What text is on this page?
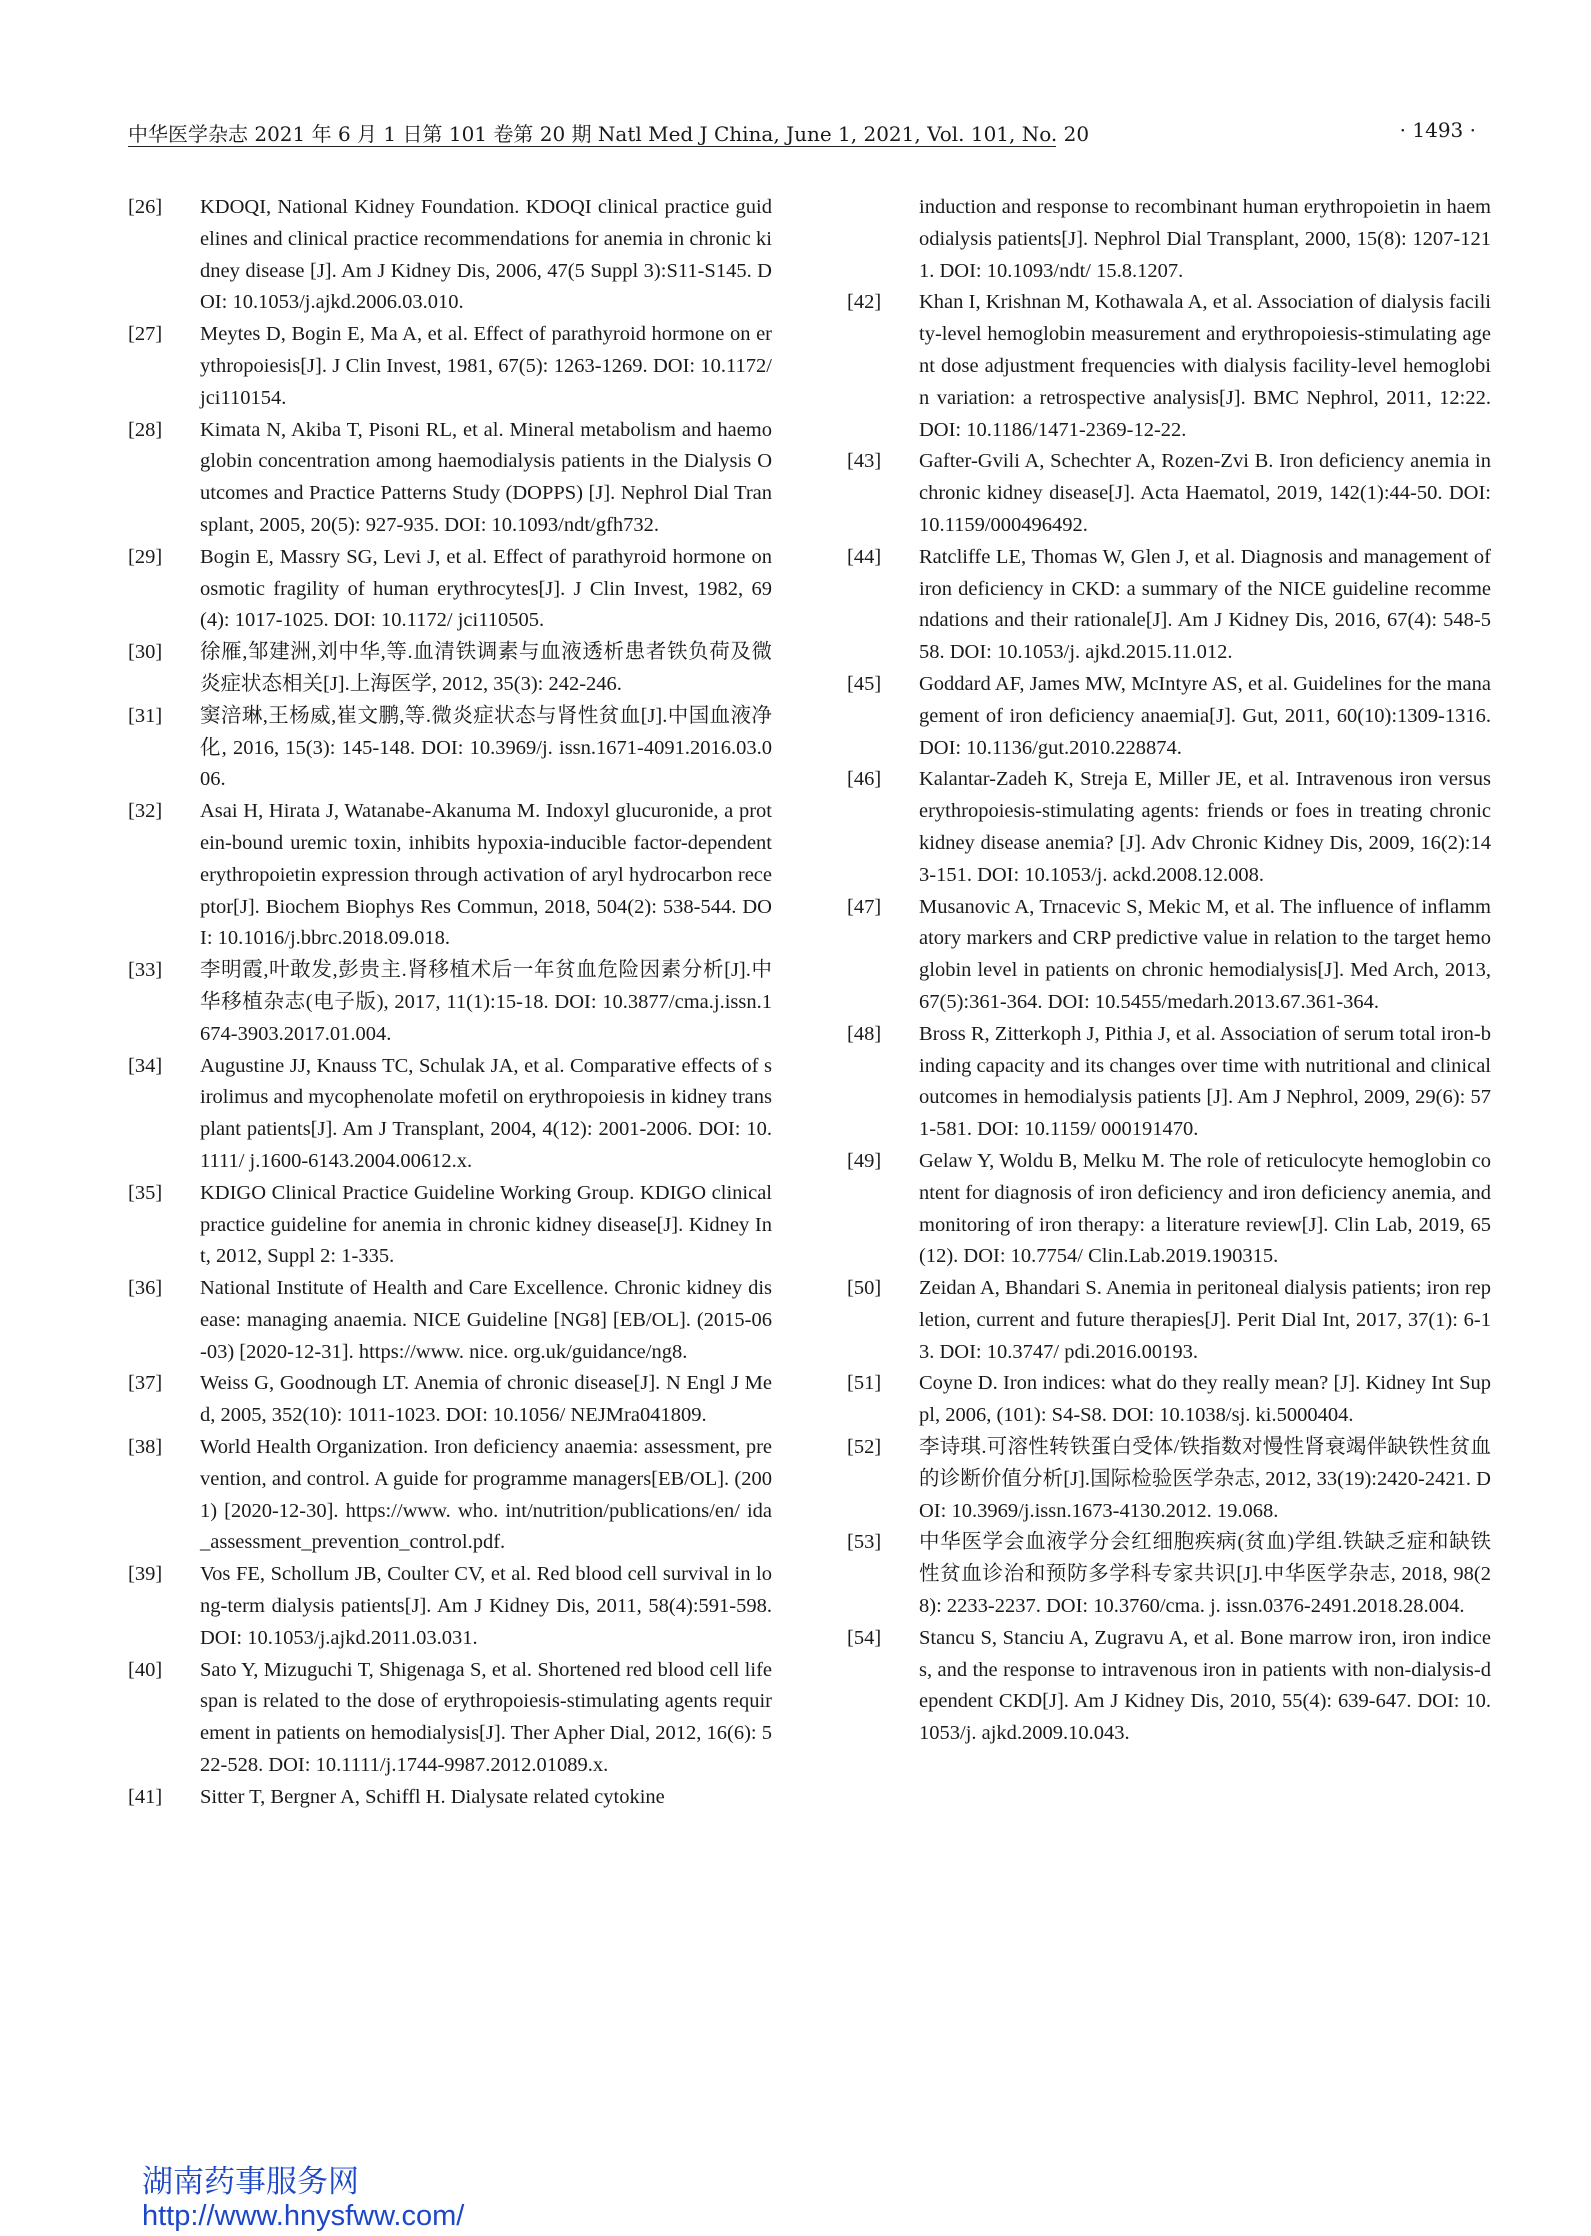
中华医学杂志 2021 年 6 月 1 日第 101 卷第 20 期 Natl Med J China, June 1, 2021, Vol. 101, No. 20	· 1493 ·
[26]	KDOQI, National Kidney Foundation. KDOQI clinical practice guidelines and clinical practice recommendations for anemia in chronic kidney disease [J]. Am J Kidney Dis, 2006, 47(5 Suppl 3):S11-S145. DOI: 10.1053/j.ajkd.2006.03.010.
[27]	Meytes D, Bogin E, Ma A, et al. Effect of parathyroid hormone on erythropoiesis[J]. J Clin Invest, 1981, 67(5): 1263-1269. DOI: 10.1172/jci110154.
[28]	Kimata N, Akiba T, Pisoni RL, et al. Mineral metabolism and haemoglobin concentration among haemodialysis patients in the Dialysis Outcomes and Practice Patterns Study (DOPPS) [J]. Nephrol Dial Transplant, 2005, 20(5): 927-935. DOI: 10.1093/ndt/gfh732.
[29]	Bogin E, Massry SG, Levi J, et al. Effect of parathyroid hormone on osmotic fragility of human erythrocytes[J]. J Clin Invest, 1982, 69(4): 1017-1025. DOI: 10.1172/ jci110505.
[30]	徐雁,邹建洲,刘中华,等.血清铁调素与血液透析患者铁负荷及微炎症状态相关[J].上海医学, 2012, 35(3): 242-246.
[31]	窦涪琳,王杨威,崔文鹏,等.微炎症状态与肾性贫血[J].中国血液净化, 2016, 15(3): 145-148. DOI: 10.3969/j. issn.1671-4091.2016.03.006.
[32]	Asai H, Hirata J, Watanabe-Akanuma M. Indoxyl glucuronide, a protein-bound uremic toxin, inhibits hypoxia-inducible factor-dependent erythropoietin expression through activation of aryl hydrocarbon receptor[J]. Biochem Biophys Res Commun, 2018, 504(2): 538-544. DOI: 10.1016/j.bbrc.2018.09.018.
[33]	李明霞,叶敢发,彭贵主.肾移植术后一年贫血危险因素分析[J].中华移植杂志(电子版), 2017, 11(1):15-18. DOI: 10.3877/cma.j.issn.1674-3903.2017.01.004.
[34]	Augustine JJ, Knauss TC, Schulak JA, et al. Comparative effects of sirolimus and mycophenolate mofetil on erythropoiesis in kidney transplant patients[J]. Am J Transplant, 2004, 4(12): 2001-2006. DOI: 10.1111/ j.1600-6143.2004.00612.x.
[35]	KDIGO Clinical Practice Guideline Working Group. KDIGO clinical practice guideline for anemia in chronic kidney disease[J]. Kidney Int, 2012, Suppl 2: 1-335.
[36]	National Institute of Health and Care Excellence. Chronic kidney disease: managing anaemia. NICE Guideline [NG8] [EB/OL]. (2015-06-03) [2020-12-31]. https://www. nice. org.uk/guidance/ng8.
[37]	Weiss G, Goodnough LT. Anemia of chronic disease[J]. N Engl J Med, 2005, 352(10): 1011-1023. DOI: 10.1056/ NEJMra041809.
[38]	World Health Organization. Iron deficiency anaemia: assessment, prevention, and control. A guide for programme managers[EB/OL]. (2001) [2020-12-30]. https://www. who. int/nutrition/publications/en/ ida_assessment_prevention_control.pdf.
[39]	Vos FE, Schollum JB, Coulter CV, et al. Red blood cell survival in long-term dialysis patients[J]. Am J Kidney Dis, 2011, 58(4):591-598. DOI: 10.1053/j.ajkd.2011.03.031.
[40]	Sato Y, Mizuguchi T, Shigenaga S, et al. Shortened red blood cell lifespan is related to the dose of erythropoiesis-stimulating agents requirement in patients on hemodialysis[J]. Ther Apher Dial, 2012, 16(6): 522-528. DOI: 10.1111/j.1744-9987.2012.01089.x.
[41]	Sitter T, Bergner A, Schiffl H. Dialysate related cytokine
induction and response to recombinant human erythropoietin in haemodialysis patients[J]. Nephrol Dial Transplant, 2000, 15(8): 1207-1211. DOI: 10.1093/ndt/ 15.8.1207.
[42]	Khan I, Krishnan M, Kothawala A, et al. Association of dialysis facility-level hemoglobin measurement and erythropoiesis-stimulating agent dose adjustment frequencies with dialysis facility-level hemoglobin variation: a retrospective analysis[J]. BMC Nephrol, 2011, 12:22. DOI: 10.1186/1471-2369-12-22.
[43]	Gafter-Gvili A, Schechter A, Rozen-Zvi B. Iron deficiency anemia in chronic kidney disease[J]. Acta Haematol, 2019, 142(1):44-50. DOI: 10.1159/000496492.
[44]	Ratcliffe LE, Thomas W, Glen J, et al. Diagnosis and management of iron deficiency in CKD: a summary of the NICE guideline recommendations and their rationale[J]. Am J Kidney Dis, 2016, 67(4): 548-558. DOI: 10.1053/j. ajkd.2015.11.012.
[45]	Goddard AF, James MW, McIntyre AS, et al. Guidelines for the management of iron deficiency anaemia[J]. Gut, 2011, 60(10):1309-1316. DOI: 10.1136/gut.2010.228874.
[46]	Kalantar-Zadeh K, Streja E, Miller JE, et al. Intravenous iron versus erythropoiesis-stimulating agents: friends or foes in treating chronic kidney disease anemia? [J]. Adv Chronic Kidney Dis, 2009, 16(2):143-151. DOI: 10.1053/j. ackd.2008.12.008.
[47]	Musanovic A, Trnacevic S, Mekic M, et al. The influence of inflammatory markers and CRP predictive value in relation to the target hemoglobin level in patients on chronic hemodialysis[J]. Med Arch, 2013, 67(5):361-364. DOI: 10.5455/medarh.2013.67.361-364.
[48]	Bross R, Zitterkoph J, Pithia J, et al. Association of serum total iron-binding capacity and its changes over time with nutritional and clinical outcomes in hemodialysis patients [J]. Am J Nephrol, 2009, 29(6): 571-581. DOI: 10.1159/ 000191470.
[49]	Gelaw Y, Woldu B, Melku M. The role of reticulocyte hemoglobin content for diagnosis of iron deficiency and iron deficiency anemia, and monitoring of iron therapy: a literature review[J]. Clin Lab, 2019, 65(12). DOI: 10.7754/ Clin.Lab.2019.190315.
[50]	Zeidan A, Bhandari S. Anemia in peritoneal dialysis patients; iron repletion, current and future therapies[J]. Perit Dial Int, 2017, 37(1): 6-13. DOI: 10.3747/ pdi.2016.00193.
[51]	Coyne D. Iron indices: what do they really mean? [J]. Kidney Int Suppl, 2006, (101): S4-S8. DOI: 10.1038/sj. ki.5000404.
[52]	李诗琪.可溶性转铁蛋白受体/铁指数对慢性肾衰竭伴缺铁性贫血的诊断价值分析[J].国际检验医学杂志, 2012, 33(19):2420-2421. DOI: 10.3969/j.issn.1673-4130.2012. 19.068.
[53]	中华医学会血液学分会红细胞疾病(贫血)学组.铁缺乏症和缺铁性贫血诊治和预防多学科专家共识[J].中华医学杂志, 2018, 98(28): 2233-2237. DOI: 10.3760/cma. j. issn.0376-2491.2018.28.004.
[54]	Stancu S, Stanciu A, Zugravu A, et al. Bone marrow iron, iron indices, and the response to intravenous iron in patients with non-dialysis-dependent CKD[J]. Am J Kidney Dis, 2010, 55(4): 639-647. DOI: 10.1053/j. ajkd.2009.10.043.
湖南药事服务网
http://www.hnysfww.com/
